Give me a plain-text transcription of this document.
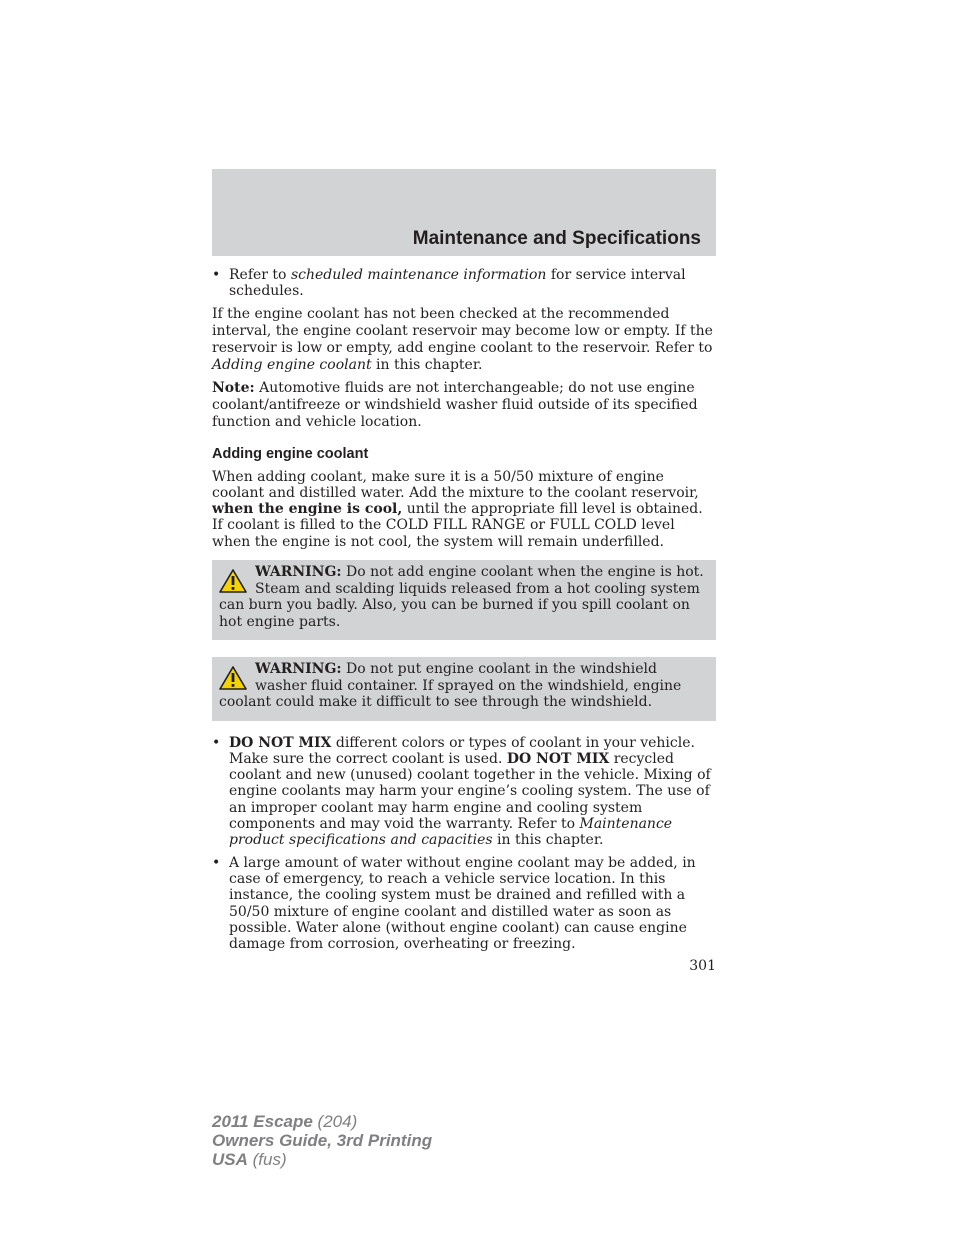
Maintenance and Specifications
• Refer to scheduled maintenance information for service interval schedules.

If the engine coolant has not been checked at the recommended interval, the engine coolant reservoir may become low or empty. If the reservoir is low or empty, add engine coolant to the reservoir. Refer to Adding engine coolant in this chapter.

Note: Automotive fluids are not interchangeable; do not use engine coolant/antifreeze or windshield washer fluid outside of its specified function and vehicle location.

Adding engine coolant

When adding coolant, make sure it is a 50/50 mixture of engine coolant and distilled water. Add the mixture to the coolant reservoir, when the engine is cool, until the appropriate fill level is obtained. If coolant is filled to the COLD FILL RANGE or FULL COLD level when the engine is not cool, the system will remain underfilled.

WARNING: Do not add engine coolant when the engine is hot. Steam and scalding liquids released from a hot cooling system can burn you badly. Also, you can be burned if you spill coolant on hot engine parts.
WARNING: Do not put engine coolant in the windshield washer fluid container. If sprayed on the windshield, engine coolant could make it difficult to see through the windshield.
• DO NOT MIX different colors or types of coolant in your vehicle. Make sure the correct coolant is used. DO NOT MIX recycled coolant and new (unused) coolant together in the vehicle. Mixing of engine coolants may harm your engine’s cooling system. The use of an improper coolant may harm engine and cooling system components and may void the warranty. Refer to Maintenance product specifications and capacities in this chapter.
• A large amount of water without engine coolant may be added, in case of emergency, to reach a vehicle service location. In this instance, the cooling system must be drained and refilled with a 50/50 mixture of engine coolant and distilled water as soon as possible. Water alone (without engine coolant) can cause engine damage from corrosion, overheating or freezing.
301
2011 Escape (204)
Owners Guide, 3rd Printing
USA (fus)
